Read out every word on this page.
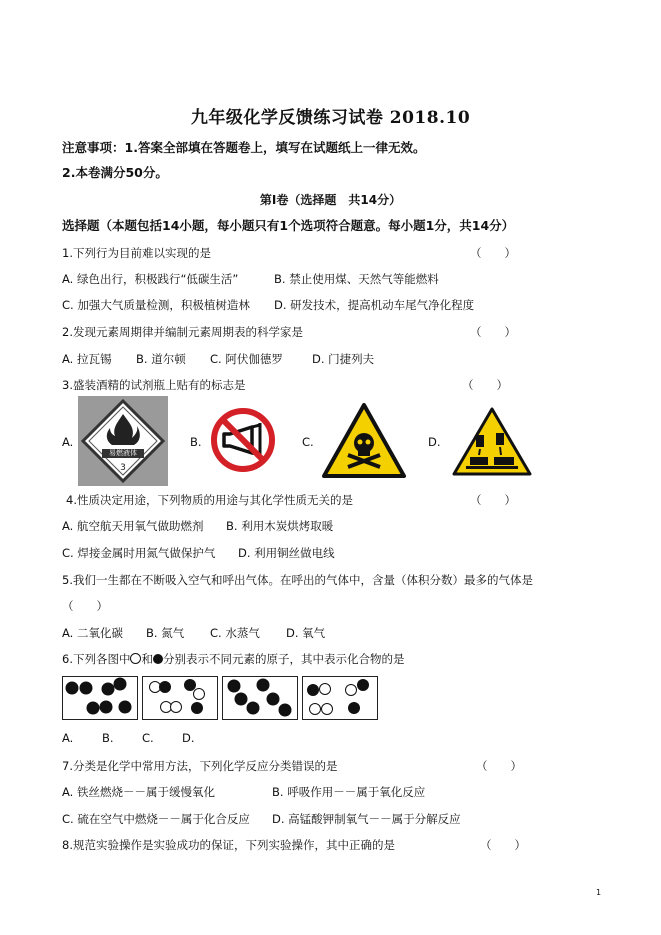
九年级化学反馈练习试卷 2018.10
注意事项：1.答案全部填在答题卷上，填写在试题纸上一律无效。
2.本卷满分50分。
第Ⅰ卷（选择题　共14分）
选择题（本题包括14小题，每小题只有1个选项符合题意。每小题1分，共14分）
1.下列行为目前难以实现的是	（　　）
A. 绿色出行，积极践行“低碳生活”	B. 禁止使用煤、天然气等能燃料
C. 加强大气质量检测，积极植树造林 D. 研发技术，提高机动车尾气净化程度
2.发现元素周期律并编制元素周期表的科学家是	（　　）
A. 拉瓦锡 B. 道尔顿 C. 阿伏伽德罗	D. 门捷列夫
3.盛装酒精的试剂瓶上贴有的标志是	（　　）
A.	B.	C.	D.
3
易燃液体
4.性质决定用途，下列物质的用途与其化学性质无关的是	（　　）
A. 航空航天用氧气做助燃剂 B. 利用木炭烘烤取暖
C. 焊接金属时用氮气做保护气 D. 利用铜丝做电线
5.我们一生都在不断吸入空气和呼出气体。在呼出的气体中，含量（体积分数）最多的气体是
（　　）
A. 二氧化碳 B. 氮气 C. 水蒸气 D. 氧气
6.下列各图中 和 分别表示不同元素的原子，其中表示化合物的是
A. B. C. D.
7.分类是化学中常用方法，下列化学反应分类错误的是	（　　）
A. 铁丝燃烧－－属于缓慢氧化	B. 呼吸作用－－属于氧化反应
C. 硫在空气中燃烧－－属于化合反应 D. 高锰酸钾制氧气－－属于分解反应
8.规范实验操作是实验成功的保证，下列实验操作，其中正确的是	（　　）
1
